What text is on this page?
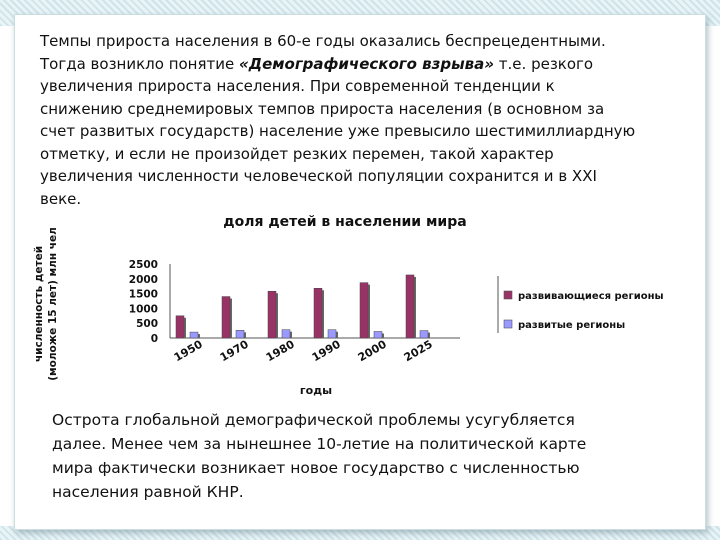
Темпы прироста населения в 60-е годы оказались беспрецедентными. Тогда возникло понятие «Демографического взрыва» т.е. резкого увеличения прироста населения. При современной тенденции к снижению среднемировых темпов прироста населения (в основном за счет развитых государств) население уже превысило шестимиллиардную отметку, и если не произойдет резких перемен, такой характер увеличения численности человеческой популяции сохранится и в XXI веке.
доля детей в населении мира
численность детей (моложе 15 лет) млн чел	0
500
1000
1500
2000
2500
1950 1970 1980 1990 2000 2025
годы
развивающиеся регионы
развитые регионы
Острота глобальной демографической проблемы усугубляется далее. Менее чем за нынешнее 10-летие на политической карте мира фактически возникает новое государство с численностью населения равной КНР.
